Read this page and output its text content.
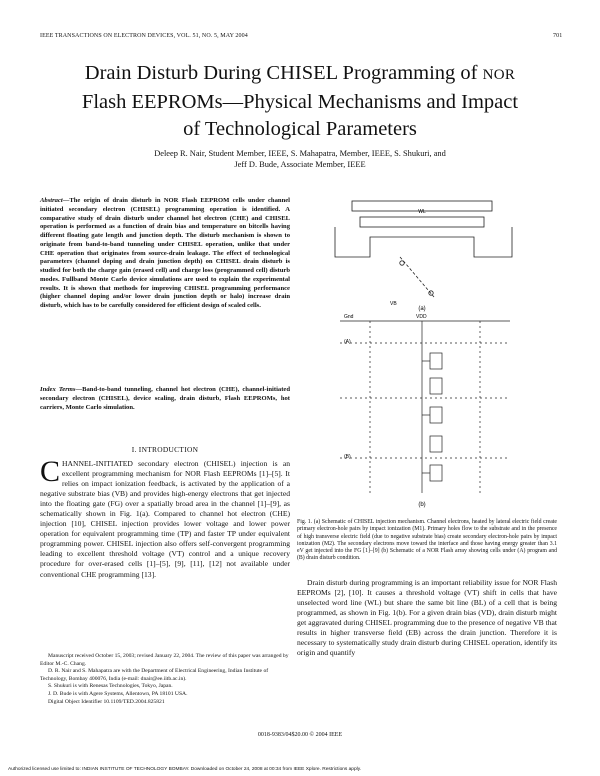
IEEE TRANSACTIONS ON ELECTRON DEVICES, VOL. 51, NO. 5, MAY 2004	701
Drain Disturb During CHISEL Programming of NOR
Flash EEPROMs—Physical Mechanisms and Impact
of Technological Parameters
Deleep R. Nair, Student Member, IEEE, S. Mahapatra, Member, IEEE, S. Shukuri, and
Jeff D. Bude, Associate Member, IEEE
Abstract—The origin of drain disturb in NOR Flash EEPROM cells under channel initiated secondary electron (CHISEL) programming operation is identified. A comparative study of drain disturb under channel hot electron (CHE) and CHISEL operation is performed as a function of drain bias and temperature on bitcells having different floating gate length and junction depth. The disturb mechanism is shown to originate from band-to-band tunneling under CHISEL operation, unlike that under CHE operation that originates from source-drain leakage. The effect of technological parameters (channel doping and drain junction depth) on CHISEL drain disturb is studied for both the charge gain (erased cell) and charge loss (programmed cell) disturb modes. Fullband Monte Carlo device simulations are used to explain the experimental results. It is shown that methods for improving CHISEL programming performance (higher channel doping and/or lower drain junction depth or halo) increase drain disturb, which has to be carefully considered for efficient design of scaled cells.
Index Terms—Band-to-band tunneling, channel hot electron (CHE), channel-initiated secondary electron (CHISEL), device scaling, drain disturb, Flash EEPROMs, hot carriers, Monte Carlo simulation.
I. INTRODUCTION
CHANNEL-INITIATED secondary electron (CHISEL) injection is an excellent programming mechanism for NOR Flash EEPROMs [1]–[5]. It relies on impact ionization feedback, is activated by the application of a negative substrate bias (VB) and provides high-energy electrons that get injected into the floating gate (FG) over a spatially broad area in the channel [1]–[9], as schematically shown in Fig. 1(a). Compared to channel hot electron (CHE) injection [10], CHISEL injection provides lower voltage and lower power operation for equivalent programming time (TP) and faster TP under equivalent programming power. CHISEL injection also offers self-convergent programming leading to excellent threshold voltage (VT) control and a unique recovery procedure for over-erased cells [1]–[5], [9], [11], [12] not available under conventional CHE programming [13].

Manuscript received October 15, 2003; revised January 22, 2004. The review of this paper was arranged by Editor M.-C. Chang.

D. R. Nair and S. Mahapatra are with the Department of Electrical Engineering, Indian Institute of Technology, Bombay 400076, India (e-mail: dnair@ee.iitb.ac.in).

S. Shukuri is with Renesas Technologies, Tokyo, Japan.

J. D. Bude is with Agere Systems, Allentown, PA 18101 USA.

Digital Object Identifier 10.1109/TED.2004.825821

WL
VB
(a)
Gnd	VDD
(A)
(B)
(b)
Fig. 1. (a) Schematic of CHISEL injection mechanism. Channel electrons, heated by lateral electric field create primary electron-hole pairs by impact ionization (M1). Primary holes flow to the substrate and in the presence of high transverse electric field (due to negative substrate bias) create secondary electron-hole pairs by impact ionization (M2). The secondary electrons move toward the interface and those having energy greater than 3.1 eV get injected into the FG [1]–[9] (b) Schematic of a NOR Flash array showing cells under (A) program and (B) drain disturb condition.

Drain disturb during programming is an important reliability issue for NOR Flash EEPROMs [2], [10]. It causes a threshold voltage (VT) shift in cells that have unselected word line (WL) but share the same bit line (BL) of a cell that is being programmed, as shown in Fig. 1(b). For a given drain bias (VD), drain disturb might get aggravated during CHISEL programming due to the presence of negative VB that results in higher transverse field (EB) across the drain junction. Therefore it is necessary to systematically study drain disturb during CHISEL operation, identify its origin and quantify

0018-9383/04$20.00 © 2004 IEEE
Authorized licensed use limited to: INDIAN INSTITUTE OF TECHNOLOGY BOMBAY. Downloaded on October 24, 2008 at 00:34 from IEEE Xplore. Restrictions apply.
